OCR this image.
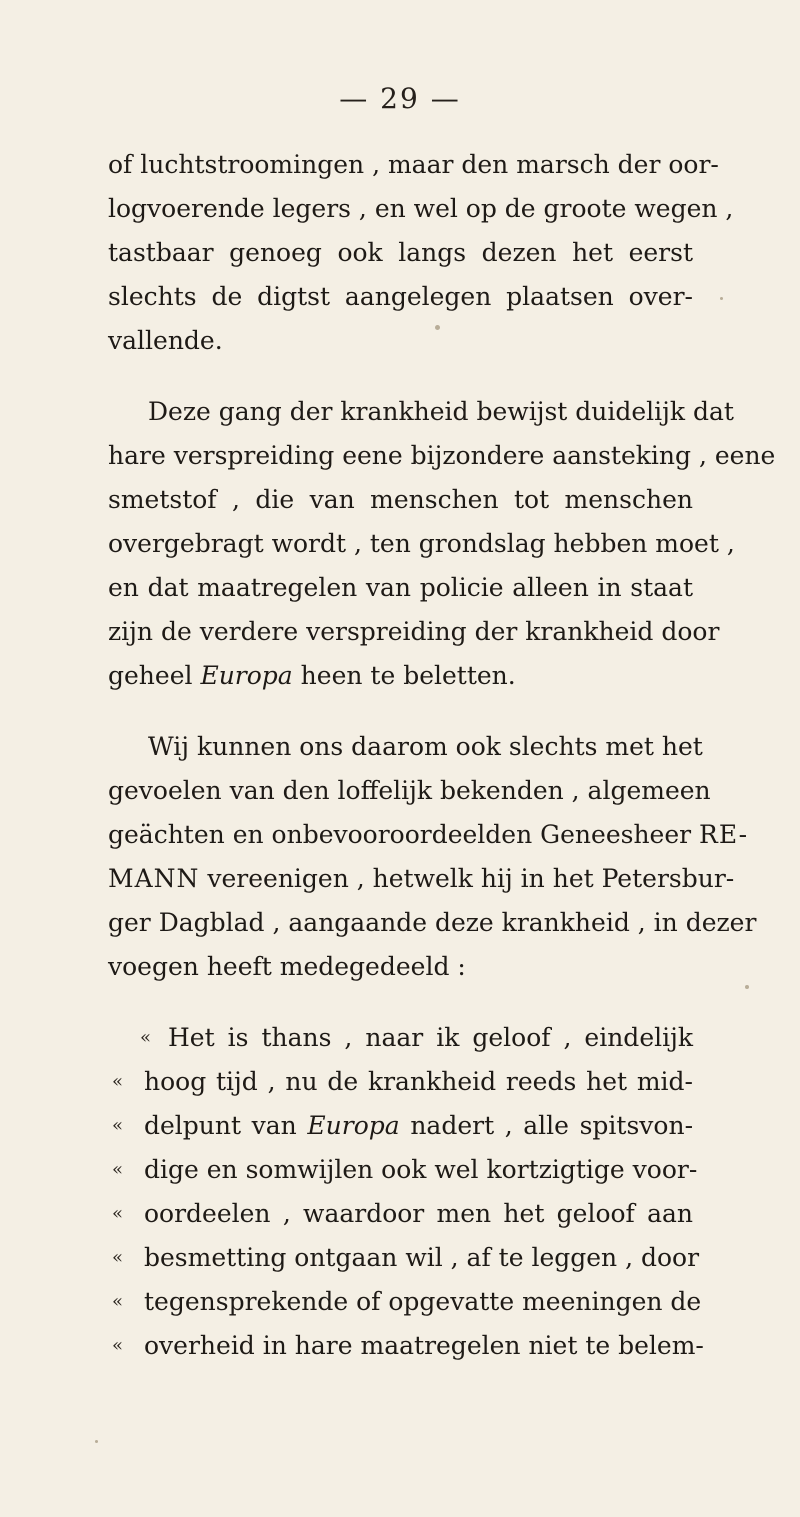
— 29 —
of luchtstroomingen , maar den marsch der oor-
logvoerende legers , en wel op de groote wegen ,
tastbaar genoeg ook langs dezen het eerst
slechts de digtst aangelegen plaatsen over-
vallende.
Deze gang der krankheid bewijst duidelijk dat
hare verspreiding eene bijzondere aansteking , eene
smetstof , die van menschen tot menschen
overgebragt wordt , ten grondslag hebben moet ,
en dat maatregelen van policie alleen in staat
zijn de verdere verspreiding der krankheid door
geheel Europa heen te beletten.
Wij kunnen ons daarom ook slechts met het
gevoelen van den loffelijk bekenden , algemeen
geächten en onbevooroordeelden Geneesheer RE-
MANN vereenigen , hetwelk hij in het Petersbur-
ger Dagblad , aangaande deze krankheid , in dezer
voegen heeft medegedeeld :
« Het is thans , naar ik geloof , eindelijk
« hoog tijd , nu de krankheid reeds het mid-
« delpunt van Europa nadert , alle spitsvon-
« dige en somwijlen ook wel kortzigtige voor-
« oordeelen , waardoor men het geloof aan
« besmetting ontgaan wil , af te leggen , door
« tegensprekende of opgevatte meeningen de
« overheid in hare maatregelen niet te belem-
